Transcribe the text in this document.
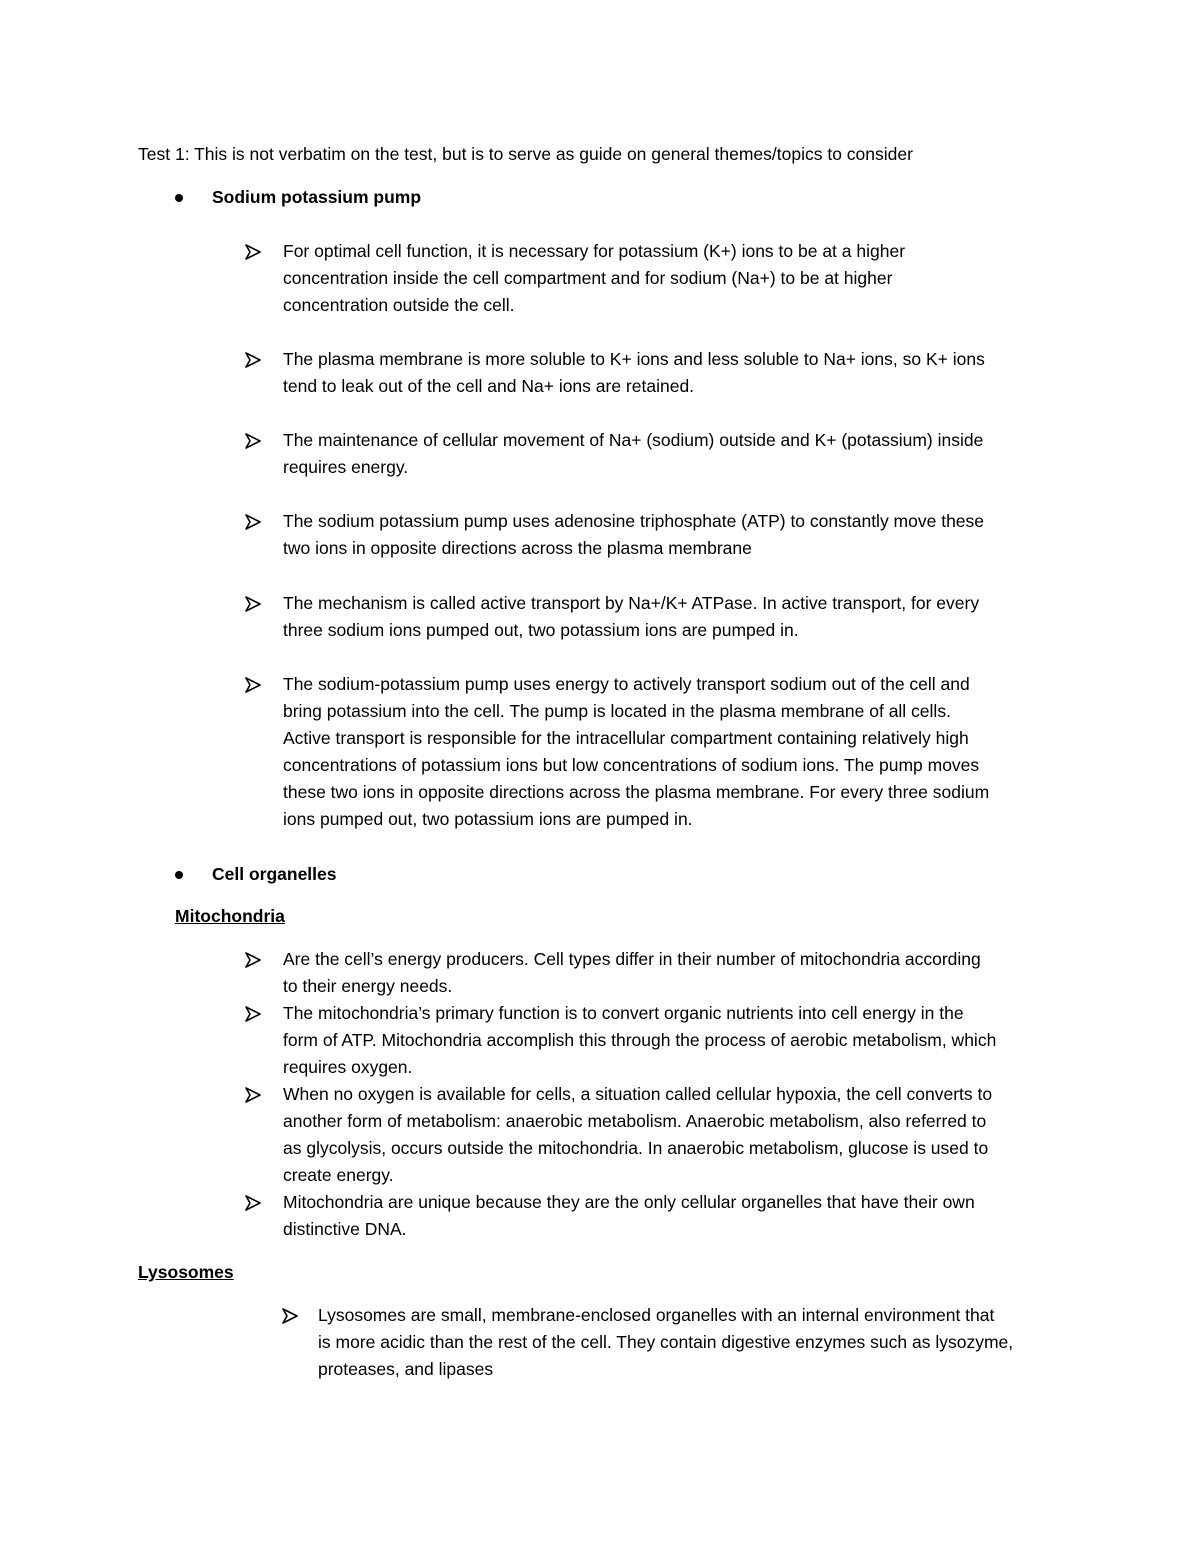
Test 1: This is not verbatim on the test, but is to serve as guide on general themes/topics to consider
Sodium potassium pump
For optimal cell function, it is necessary for potassium (K+) ions to be at a higher
concentration inside the cell compartment and for sodium (Na+) to be at higher
concentration outside the cell.
The plasma membrane is more soluble to K+ ions and less soluble to Na+ ions, so K+ ions
tend to leak out of the cell and Na+ ions are retained.
The maintenance of cellular movement of Na+ (sodium) outside and K+ (potassium) inside
requires energy.
The sodium potassium pump uses adenosine triphosphate (ATP) to constantly move these
two ions in opposite directions across the plasma membrane
The mechanism is called active transport by Na+/K+ ATPase. In active transport, for every
three sodium ions pumped out, two potassium ions are pumped in.
The sodium-potassium pump uses energy to actively transport sodium out of the cell and
bring potassium into the cell. The pump is located in the plasma membrane of all cells.
Active transport is responsible for the intracellular compartment containing relatively high
concentrations of potassium ions but low concentrations of sodium ions. The pump moves
these two ions in opposite directions across the plasma membrane. For every three sodium
ions pumped out, two potassium ions are pumped in.
Cell organelles
Mitochondria
Are the cell’s energy producers. Cell types differ in their number of mitochondria according
to their energy needs.
The mitochondria’s primary function is to convert organic nutrients into cell energy in the
form of ATP. Mitochondria accomplish this through the process of aerobic metabolism, which
requires oxygen.
When no oxygen is available for cells, a situation called cellular hypoxia, the cell converts to
another form of metabolism: anaerobic metabolism. Anaerobic metabolism, also referred to
as glycolysis, occurs outside the mitochondria. In anaerobic metabolism, glucose is used to
create energy.
Mitochondria are unique because they are the only cellular organelles that have their own
distinctive DNA.
Lysosomes
Lysosomes are small, membrane-enclosed organelles with an internal environment that
is more acidic than the rest of the cell. They contain digestive enzymes such as lysozyme,
proteases, and lipases
